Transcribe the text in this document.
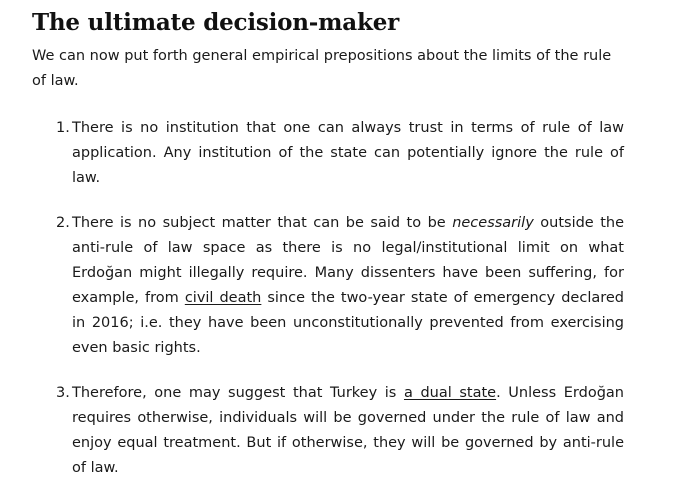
The ultimate decision-maker

We can now put forth general empirical prepositions about the limits of the rule of law.

1. There is no institution that one can always trust in terms of rule of law application. Any institution of the state can potentially ignore the rule of law.
2. There is no subject matter that can be said to be necessarily outside the anti-rule of law space as there is no legal/institutional limit on what Erdoğan might illegally require. Many dissenters have been suffering, for example, from civil death since the two-year state of emergency declared in 2016; i.e. they have been unconstitutionally prevented from exercising even basic rights.
3. Therefore, one may suggest that Turkey is a dual state. Unless Erdoğan requires otherwise, individuals will be governed under the rule of law and enjoy equal treatment. But if otherwise, they will be governed by anti-rule of law.
